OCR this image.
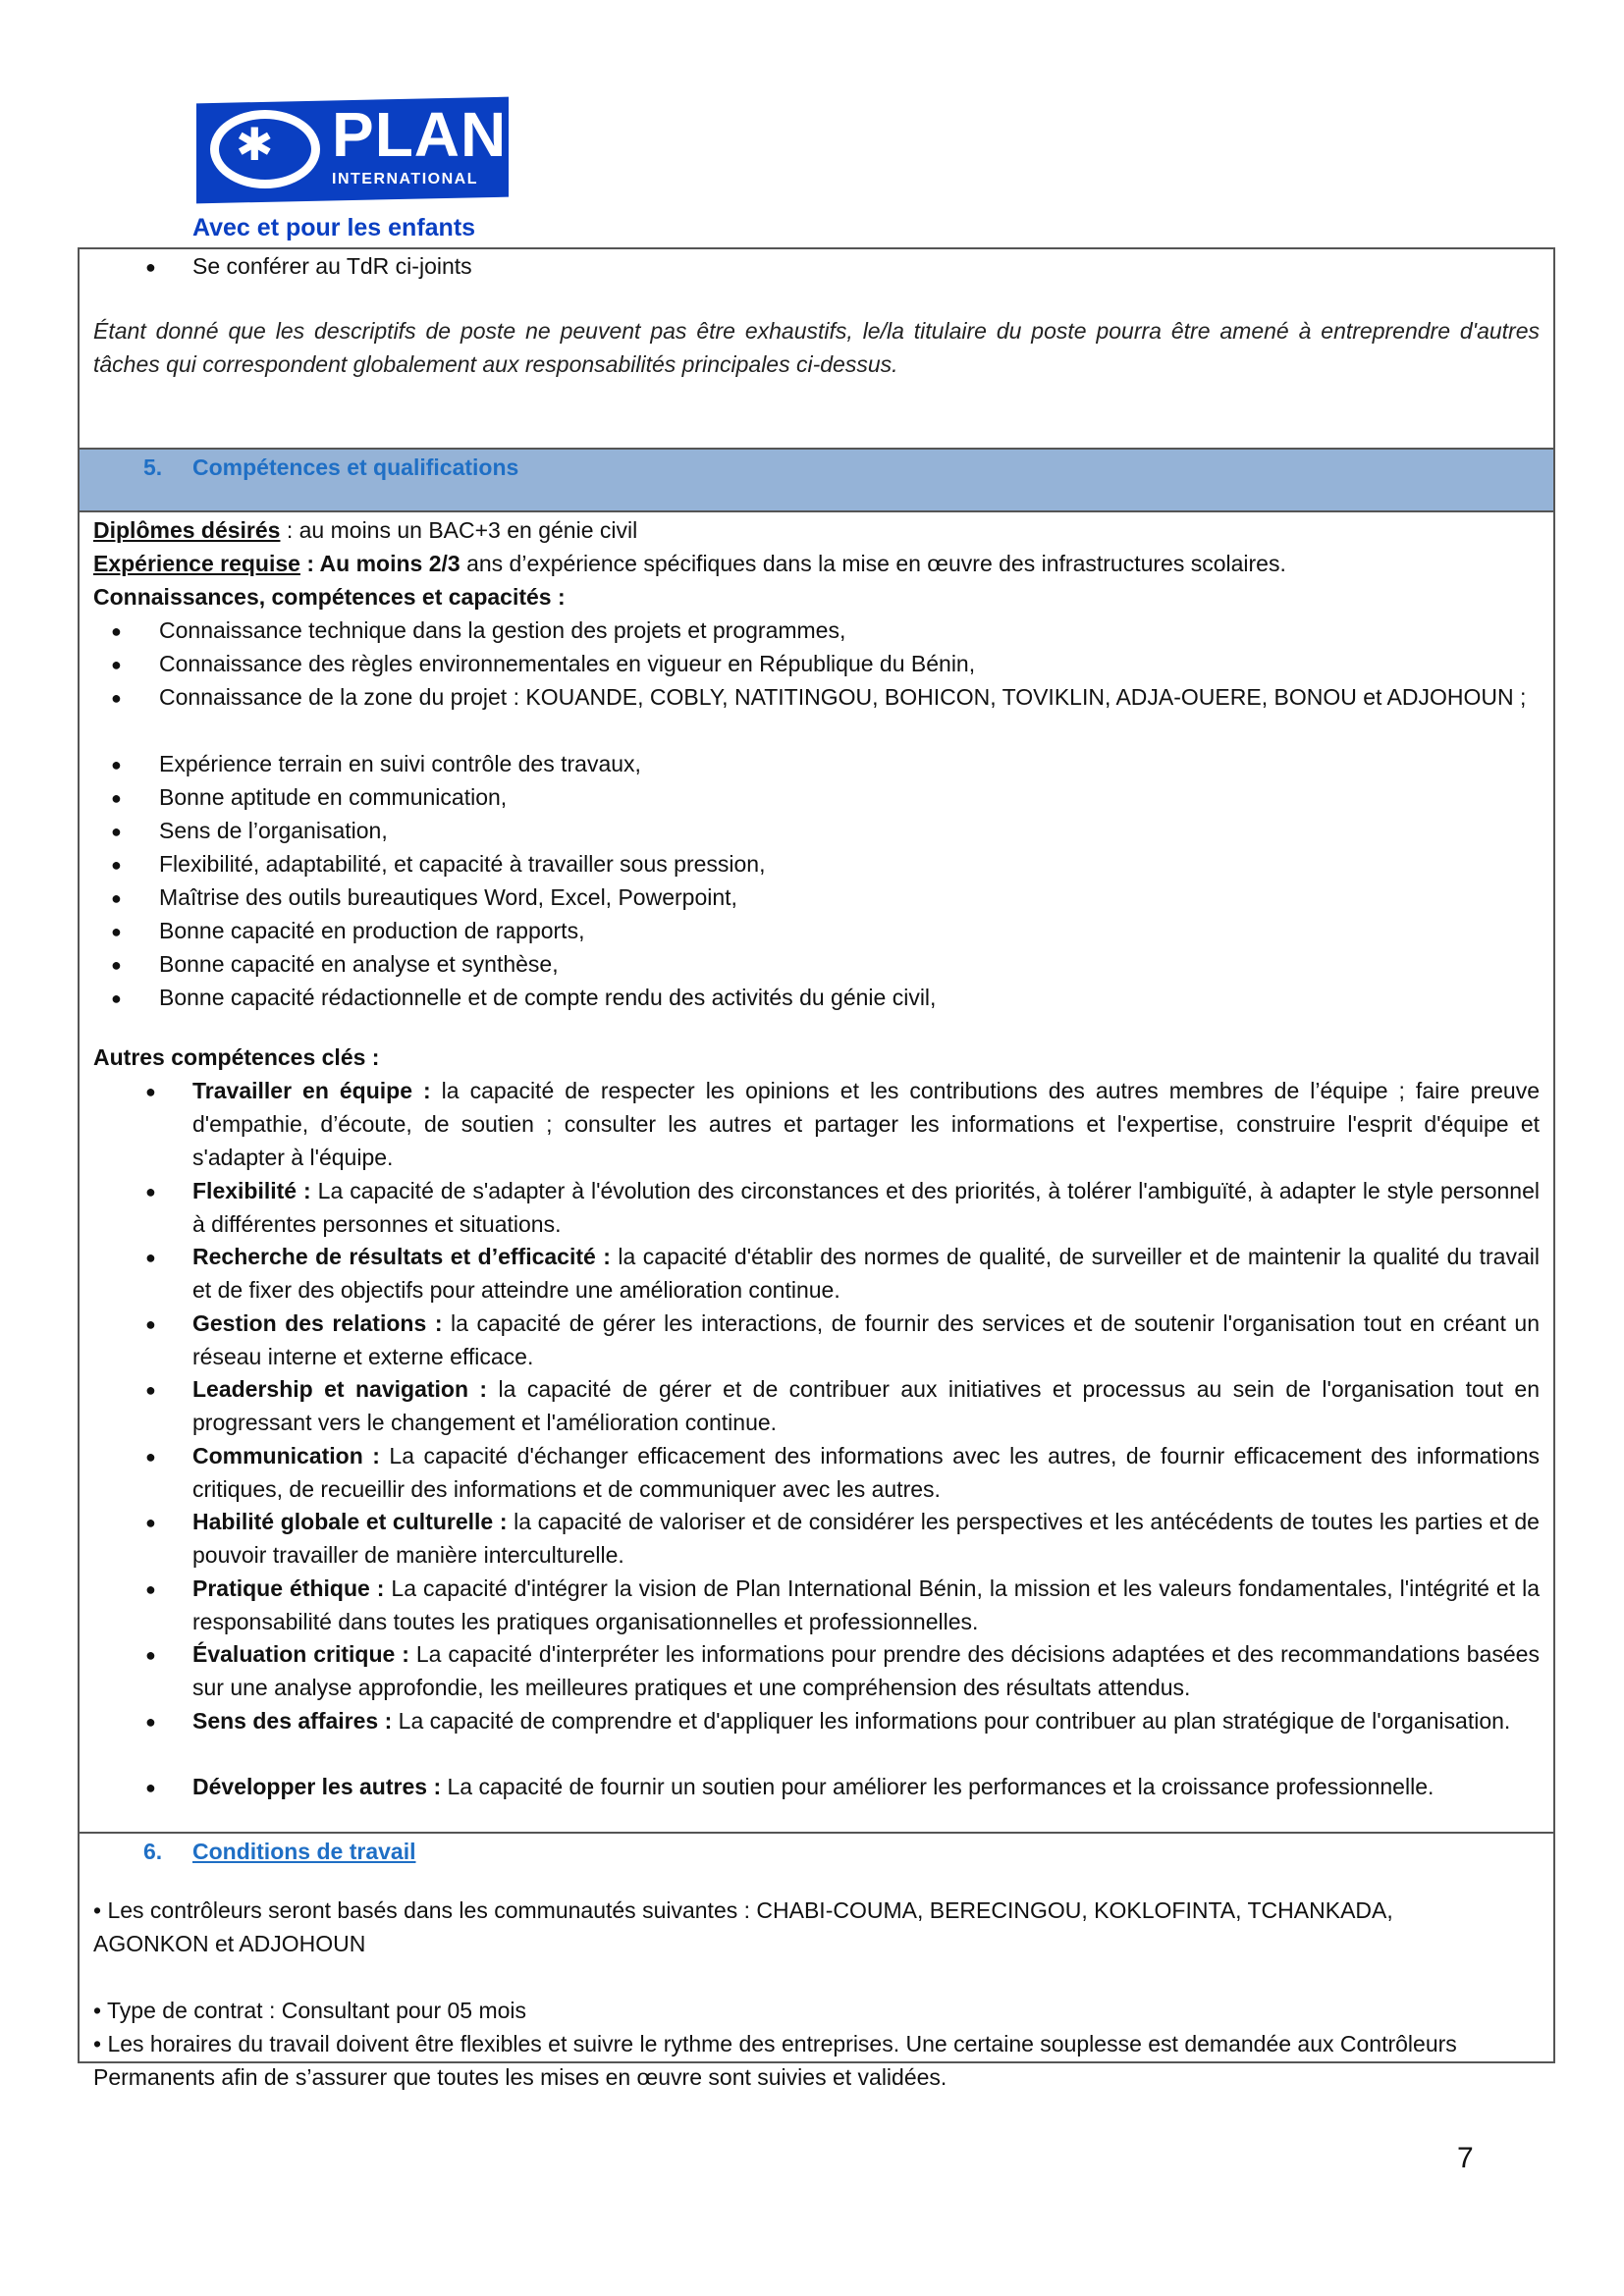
✱ PLAN
INTERNATIONAL
Avec et pour les enfants
● Se conférer au TdR ci-joints
Étant donné que les descriptifs de poste ne peuvent pas être exhaustifs, le/la titulaire du poste pourra être amené à entreprendre d'autres tâches qui correspondent globalement aux responsabilités principales ci-dessus.
5. Compétences et qualifications
Diplômes désirés : au moins un BAC+3 en génie civil
Expérience requise : Au moins 2/3 ans d’expérience spécifiques dans la mise en œuvre des infrastructures scolaires.
Connaissances, compétences et capacités :
● Connaissance technique dans la gestion des projets et programmes,
● Connaissance des règles environnementales en vigueur en République du Bénin,
● Connaissance de la zone du projet : KOUANDE, COBLY, NATITINGOU, BOHICON, TOVIKLIN, ADJA-OUERE, BONOU et ADJOHOUN ;
● Expérience terrain en suivi contrôle des travaux,
● Bonne aptitude en communication,
● Sens de l’organisation,
● Flexibilité, adaptabilité, et capacité à travailler sous pression,
● Maîtrise des outils bureautiques Word, Excel, Powerpoint,
● Bonne capacité en production de rapports,
● Bonne capacité en analyse et synthèse,
● Bonne capacité rédactionnelle et de compte rendu des activités du génie civil,
Autres compétences clés :
● Travailler en équipe : la capacité de respecter les opinions et les contributions des autres membres de l’équipe ; faire preuve d'empathie, d’écoute, de soutien ; consulter les autres et partager les informations et l'expertise, construire l'esprit d'équipe et s'adapter à l'équipe.
● Flexibilité : La capacité de s'adapter à l'évolution des circonstances et des priorités, à tolérer l'ambiguïté, à adapter le style personnel à différentes personnes et situations.
● Recherche de résultats et d’efficacité : la capacité d'établir des normes de qualité, de surveiller et de maintenir la qualité du travail et de fixer des objectifs pour atteindre une amélioration continue.
● Gestion des relations : la capacité de gérer les interactions, de fournir des services et de soutenir l'organisation tout en créant un réseau interne et externe efficace.
● Leadership et navigation : la capacité de gérer et de contribuer aux initiatives et processus au sein de l'organisation tout en progressant vers le changement et l'amélioration continue.
● Communication : La capacité d'échanger efficacement des informations avec les autres, de fournir efficacement des informations critiques, de recueillir des informations et de communiquer avec les autres.
● Habilité globale et culturelle : la capacité de valoriser et de considérer les perspectives et les antécédents de toutes les parties et de pouvoir travailler de manière interculturelle.
● Pratique éthique : La capacité d'intégrer la vision de Plan International Bénin, la mission et les valeurs fondamentales, l'intégrité et la responsabilité dans toutes les pratiques organisationnelles et professionnelles.
● Évaluation critique : La capacité d'interpréter les informations pour prendre des décisions adaptées et des recommandations basées sur une analyse approfondie, les meilleures pratiques et une compréhension des résultats attendus.
● Sens des affaires : La capacité de comprendre et d'appliquer les informations pour contribuer au plan stratégique de l'organisation.
● Développer les autres : La capacité de fournir un soutien pour améliorer les performances et la croissance professionnelle.
6. Conditions de travail
• Les contrôleurs seront basés dans les communautés suivantes : CHABI-COUMA, BERECINGOU, KOKLOFINTA, TCHANKADA, AGONKON et ADJOHOUN
• Type de contrat : Consultant pour 05 mois
• Les horaires du travail doivent être flexibles et suivre le rythme des entreprises. Une certaine souplesse est demandée aux Contrôleurs Permanents afin de s’assurer que toutes les mises en œuvre sont suivies et validées.
7
